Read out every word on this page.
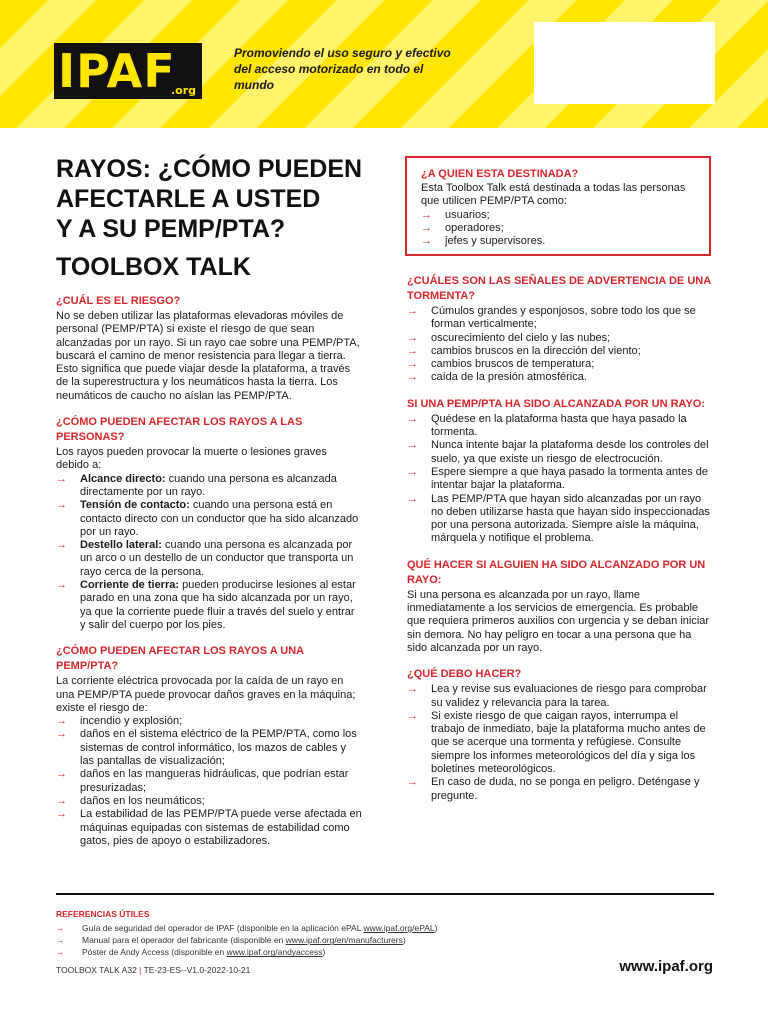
IPAF
.org
Promoviendo el uso seguro y efectivo del acceso motorizado en todo el mundo
RAYOS: ¿CÓMO PUEDEN
AFECTARLE A USTED
Y A SU PEMP/PTA?
TOOLBOX TALK
¿CUÁL ES EL RIESGO?

No se deben utilizar las plataformas elevadoras móviles de personal (PEMP/PTA) si existe el riesgo de que sean alcanzadas por un rayo. Si un rayo cae sobre una PEMP/PTA, buscará el camino de menor resistencia para llegar a tierra. Esto significa que puede viajar desde la plataforma, a través de la superestructura y los neumáticos hasta la tierra. Los neumáticos de caucho no aíslan las PEMP/PTA.

¿CÓMO PUEDEN AFECTAR LOS RAYOS A LAS PERSONAS?

Los rayos pueden provocar la muerte o lesiones graves debido a:

→ Alcance directo: cuando una persona es alcanzada directamente por un rayo.
→ Tensión de contacto: cuando una persona está en contacto directo con un conductor que ha sido alcanzado por un rayo.
→ Destello lateral: cuando una persona es alcanzada por un arco o un destello de un conductor que transporta un rayo cerca de la persona.
→ Corriente de tierra: pueden producirse lesiones al estar parado en una zona que ha sido alcanzada por un rayo, ya que la corriente puede fluir a través del suelo y entrar y salir del cuerpo por los pies.
¿CÓMO PUEDEN AFECTAR LOS RAYOS A UNA PEMP/PTA?

La corriente eléctrica provocada por la caída de un rayo en una PEMP/PTA puede provocar daños graves en la máquina; existe el riesgo de:

→ incendio y explosión;
→ daños en el sistema eléctrico de la PEMP/PTA, como los sistemas de control informático, los mazos de cables y las pantallas de visualización;
→ daños en las mangueras hidráulicas, que podrían estar presurizadas;
→ daños en los neumáticos;
→ La estabilidad de las PEMP/PTA puede verse afectada en máquinas equipadas con sistemas de estabilidad como gatos, pies de apoyo o estabilizadores.
¿A QUIEN ESTA DESTINADA?

Esta Toolbox Talk está destinada a todas las personas que utilicen PEMP/PTA como:

→ usuarios;
→ operadores;
→ jefes y supervisores.
¿CUÁLES SON LAS SEÑALES DE ADVERTENCIA DE UNA TORMENTA?
→ Cúmulos grandes y esponjosos, sobre todo los que se forman verticalmente;
→ oscurecimiento del cielo y las nubes;
→ cambios bruscos en la dirección del viento;
→ cambios bruscos de temperatura;
→ caída de la presión atmosférica.
SI UNA PEMP/PTA HA SIDO ALCANZADA POR UN RAYO:
→ Quédese en la plataforma hasta que haya pasado la tormenta.
→ Nunca intente bajar la plataforma desde los controles del suelo, ya que existe un riesgo de electrocución.
→ Espere siempre a que haya pasado la tormenta antes de intentar bajar la plataforma.
→ Las PEMP/PTA que hayan sido alcanzadas por un rayo no deben utilizarse hasta que hayan sido inspeccionadas por una persona autorizada. Siempre aísle la máquina, márquela y notifique el problema.
QUÉ HACER SI ALGUIEN HA SIDO ALCANZADO POR UN RAYO:

Si una persona es alcanzada por un rayo, llame inmediatamente a los servicios de emergencia. Es probable que requiera primeros auxilios con urgencia y se deban iniciar sin demora. No hay peligro en tocar a una persona que ha sido alcanzada por un rayo.

¿QUÉ DEBO HACER?
→ Lea y revise sus evaluaciones de riesgo para comprobar su validez y relevancia para la tarea.
→ Si existe riesgo de que caigan rayos, interrumpa el trabajo de inmediato, baje la plataforma mucho antes de que se acerque una tormenta y refúgiese. Consulte siempre los informes meteorológicos del día y siga los boletines meteorológicos.
→ En caso de duda, no se ponga en peligro. Deténgase y pregunte.
REFERENCIAS ÚTILES
→ Guía de seguridad del operador de IPAF (disponible en la aplicación ePAL www.ipaf.org/ePAL)
→ Manual para el operador del fabricante (disponible en www.ipaf.org/en/manufacturers)
→ Póster de Andy Access (disponible en www.ipaf.org/andyaccess)
TOOLBOX TALK A32 | TE-23-ES--V1.0-2022-10-21	www.ipaf.org
